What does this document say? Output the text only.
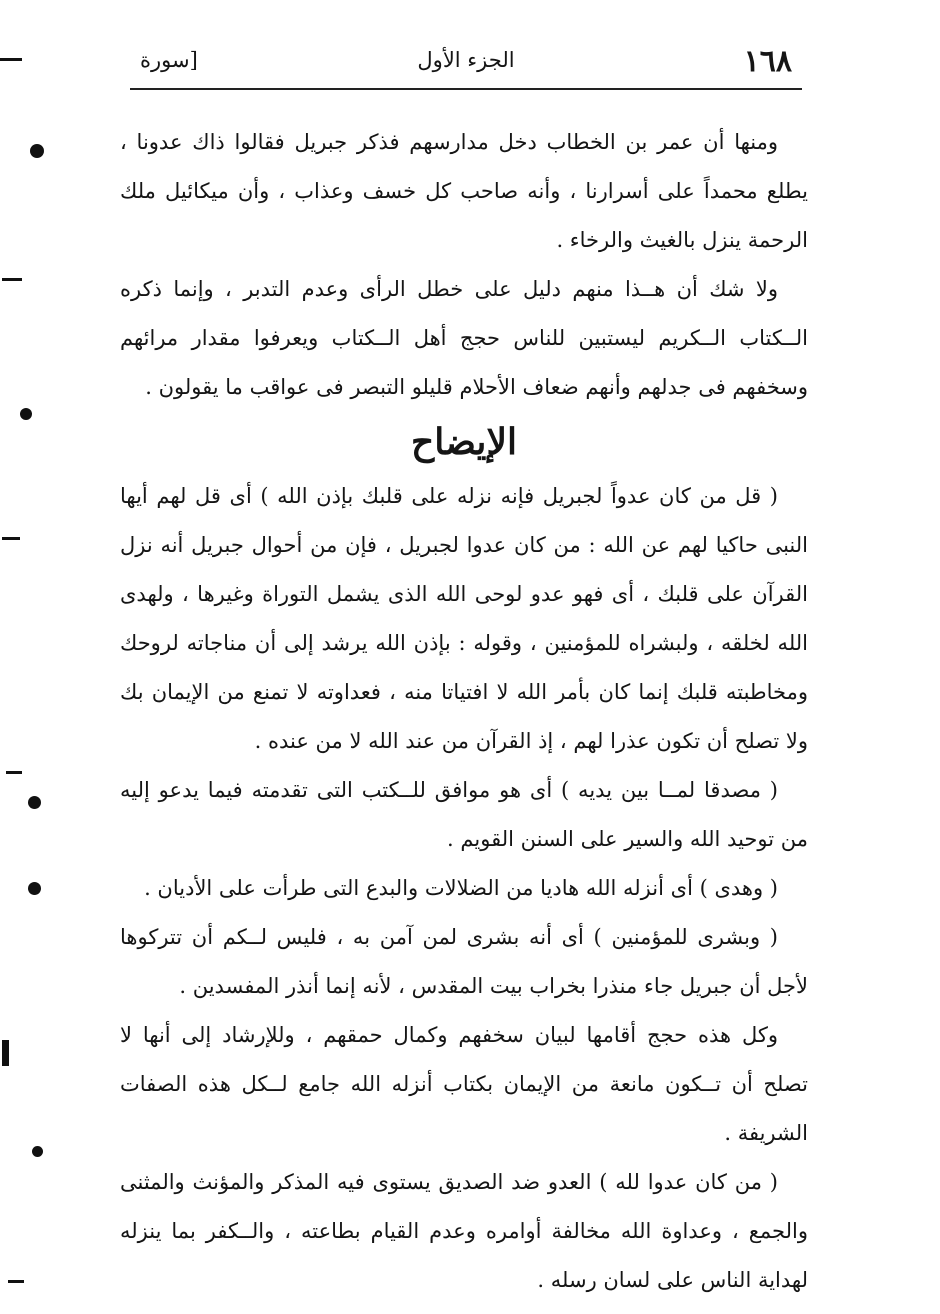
١٦٨
الجزء الأول
[سورة

ومنها أن عمر بن الخطاب دخل مدارسهم فذكر جبريل فقالوا ذاك عدونا ، يطلع محمداً على أسرارنا ، وأنه صاحب كل خسف وعذاب ، وأن ميكائيل ملك الرحمة ينزل بالغيث والرخاء .

ولا شك أن هــذا منهم دليل على خطل الرأى وعدم التدبر ، وإنما ذكره الــكتاب الــكريم ليستبين للناس حجج أهل الــكتاب ويعرفوا مقدار مرائهم وسخفهم فى جدلهم وأنهم ضعاف الأحلام قليلو التبصر فى عواقب ما يقولون .

الإيضاح

( قل من كان عدواً لجبريل فإنه نزله على قلبك بإذن الله ) أى قل لهم أيها النبى حاكيا لهم عن الله : من كان عدوا لجبريل ، فإن من أحوال جبريل أنه نزل القرآن على قلبك ، أى فهو عدو لوحى الله الذى يشمل التوراة وغيرها ، ولهدى الله لخلقه ، ولبشراه للمؤمنين ، وقوله : بإذن الله يرشد إلى أن مناجاته لروحك ومخاطبته قلبك إنما كان بأمر الله لا افتياتا منه ، فعداوته لا تمنع من الإيمان بك ولا تصلح أن تكون عذرا لهم ، إذ القرآن من عند الله لا من عنده .

( مصدقا لمــا بين يديه ) أى هو موافق للــكتب التى تقدمته فيما يدعو إليه من توحيد الله والسير على السنن القويم .

( وهدى ) أى أنزله الله هاديا من الضلالات والبدع التى طرأت على الأديان .

( وبشرى للمؤمنين ) أى أنه بشرى لمن آمن به ، فليس لــكم أن تتركوها لأجل أن جبريل جاء منذرا بخراب بيت المقدس ، لأنه إنما أنذر المفسدين .

وكل هذه حجج أقامها لبيان سخفهم وكمال حمقهم ، وللإرشاد إلى أنها لا تصلح أن تــكون مانعة من الإيمان بكتاب أنزله الله جامع لــكل هذه الصفات الشريفة .

( من كان عدوا لله ) العدو ضد الصديق يستوى فيه المذكر والمؤنث والمثنى والجمع ، وعداوة الله مخالفة أوامره وعدم القيام بطاعته ، والــكفر بما ينزله لهداية الناس على لسان رسله .
